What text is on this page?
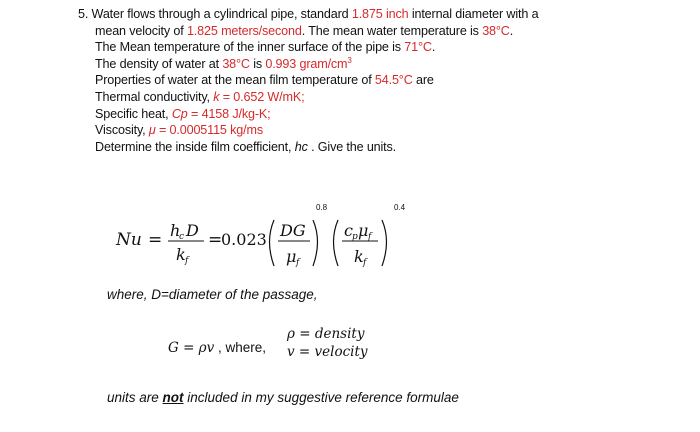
5. Water flows through a cylindrical pipe, standard 1.875 inch internal diameter with a
mean velocity of 1.825 meters/second. The mean water temperature is 38°C.
The Mean temperature of the inner surface of the pipe is 71°C.
The density of water at 38°C is 0.993 gram/$cm^3$
Properties of water at the mean film temperature of 54.5°C are
Thermal conductivity, k = 0.652 W/mK;
Specific heat, Cp = 4158 J/kg-K;
Viscosity, μ = 0.0005115 kg/ms
Determine the inside film coefficient, hc . Give the units.
Nu = h
c D
k f
=
0.023 DG
μ f
0.8
c p μ f
k f
0.4
where, D=diameter of the passage,
G = ρv , where,
ρ = density
v = velocity
units are not included in my suggestive reference formulae
